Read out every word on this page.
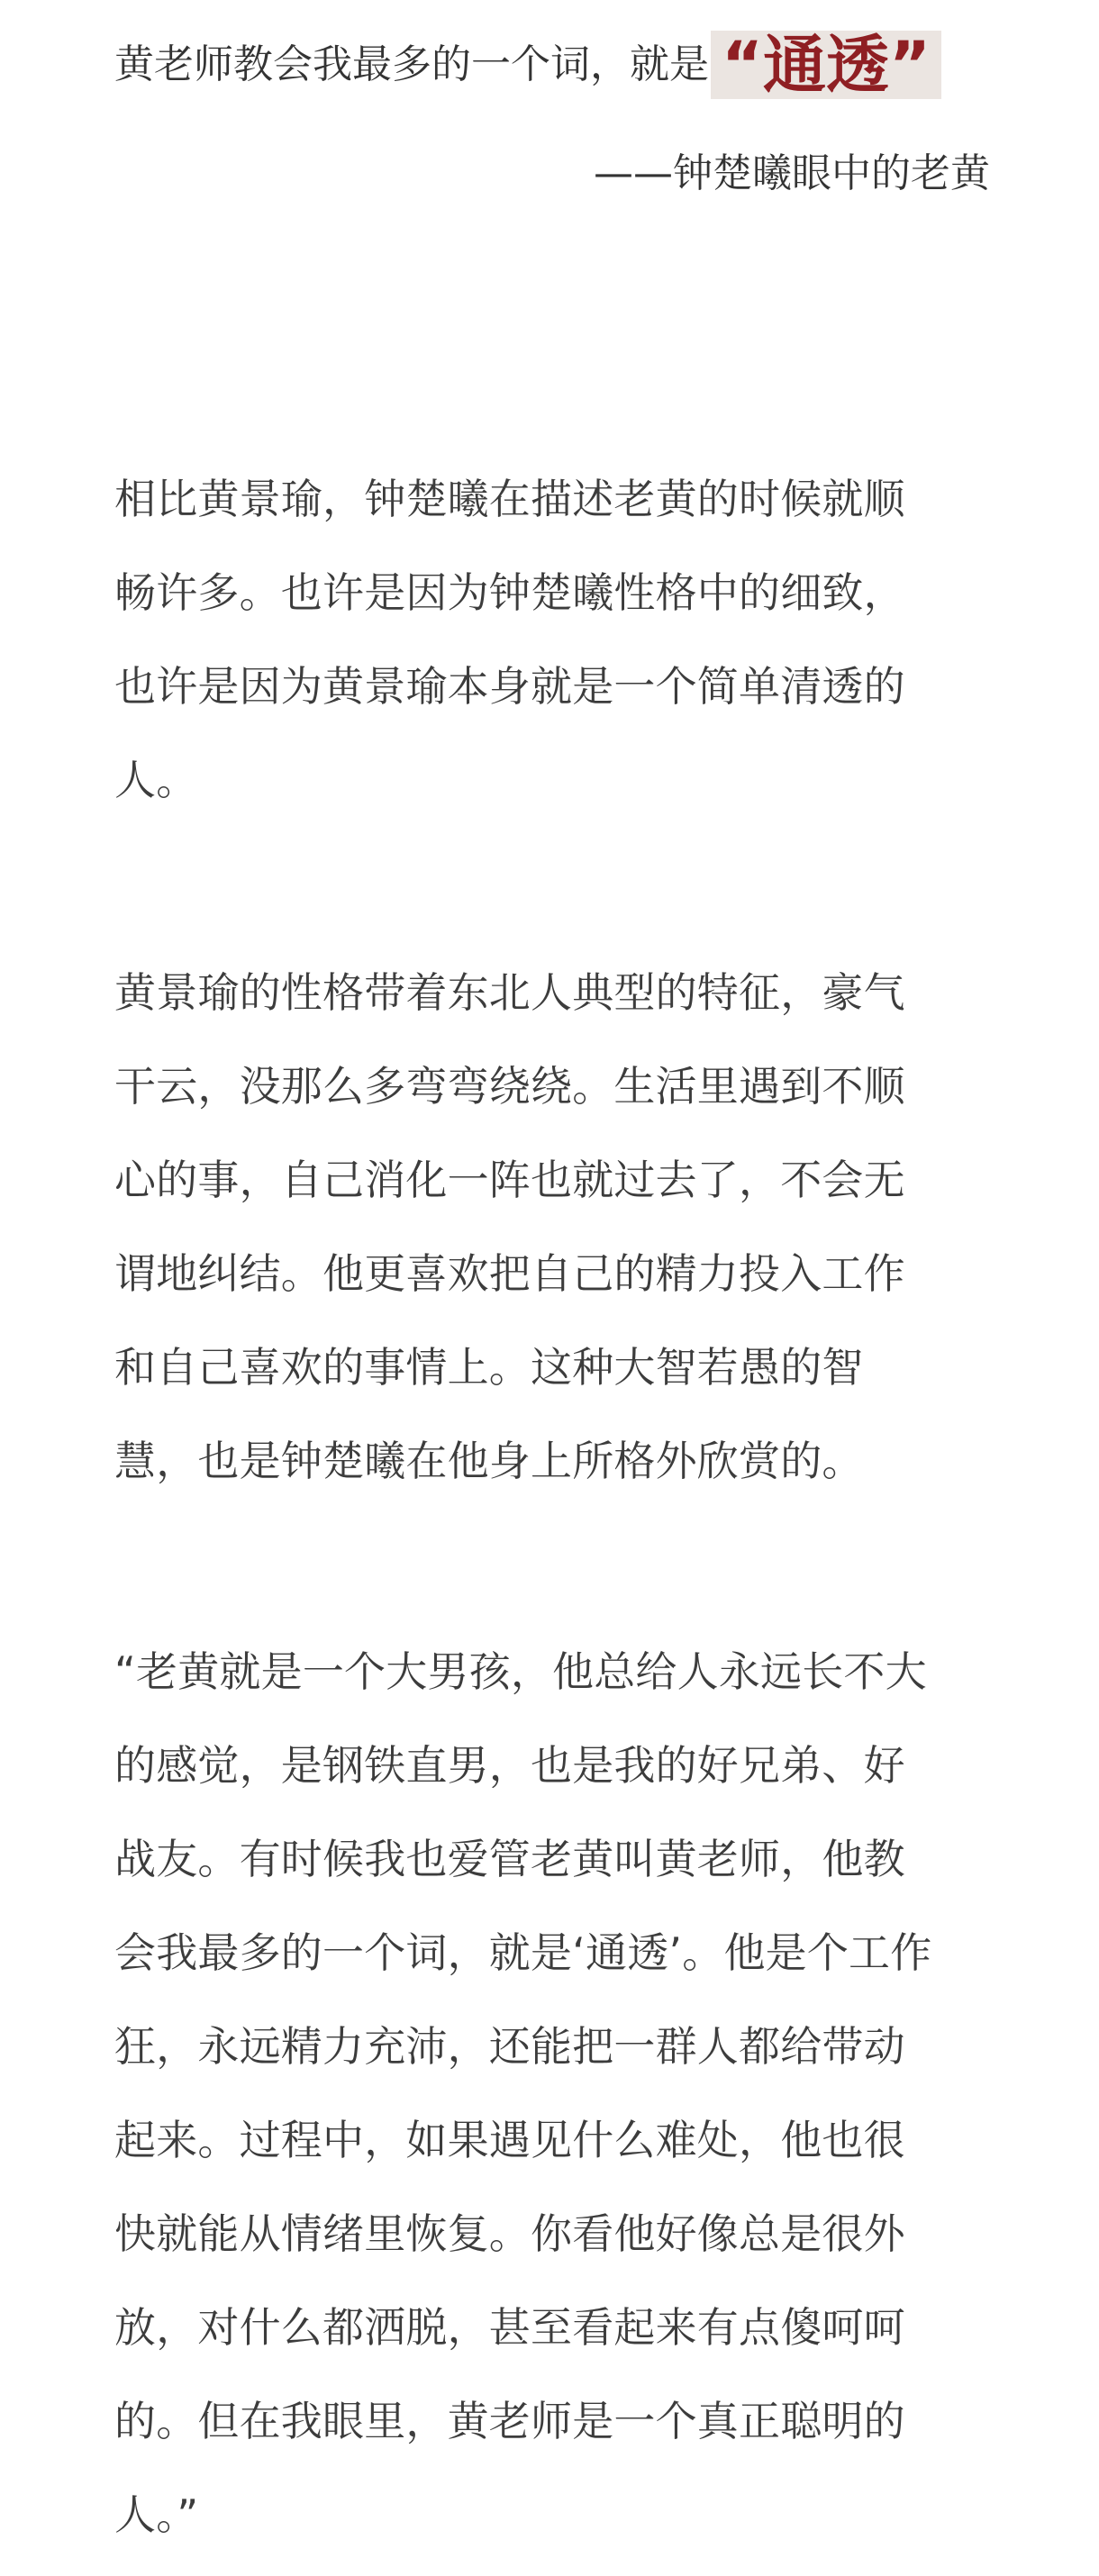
黄老师教会我最多的一个词，就是 “通透”
——钟楚曦眼中的老黄
相比黄景瑜，钟楚曦在描述老黄的时候就顺
畅许多。也许是因为钟楚曦性格中的细致，
也许是因为黄景瑜本身就是一个简单清透的
人。
黄景瑜的性格带着东北人典型的特征，豪气
干云，没那么多弯弯绕绕。生活里遇到不顺
心的事，自己消化一阵也就过去了，不会无
谓地纠结。他更喜欢把自己的精力投入工作
和自己喜欢的事情上。这种大智若愚的智
慧，也是钟楚曦在他身上所格外欣赏的。
“老黄就是一个大男孩，他总给人永远长不大
的感觉，是钢铁直男，也是我的好兄弟、好
战友。有时候我也爱管老黄叫黄老师，他教
会我最多的一个词，就是‘通透’。他是个工作
狂，永远精力充沛，还能把一群人都给带动
起来。过程中，如果遇见什么难处，他也很
快就能从情绪里恢复。你看他好像总是很外
放，对什么都洒脱，甚至看起来有点傻呵呵
的。但在我眼里，黄老师是一个真正聪明的
人。”
